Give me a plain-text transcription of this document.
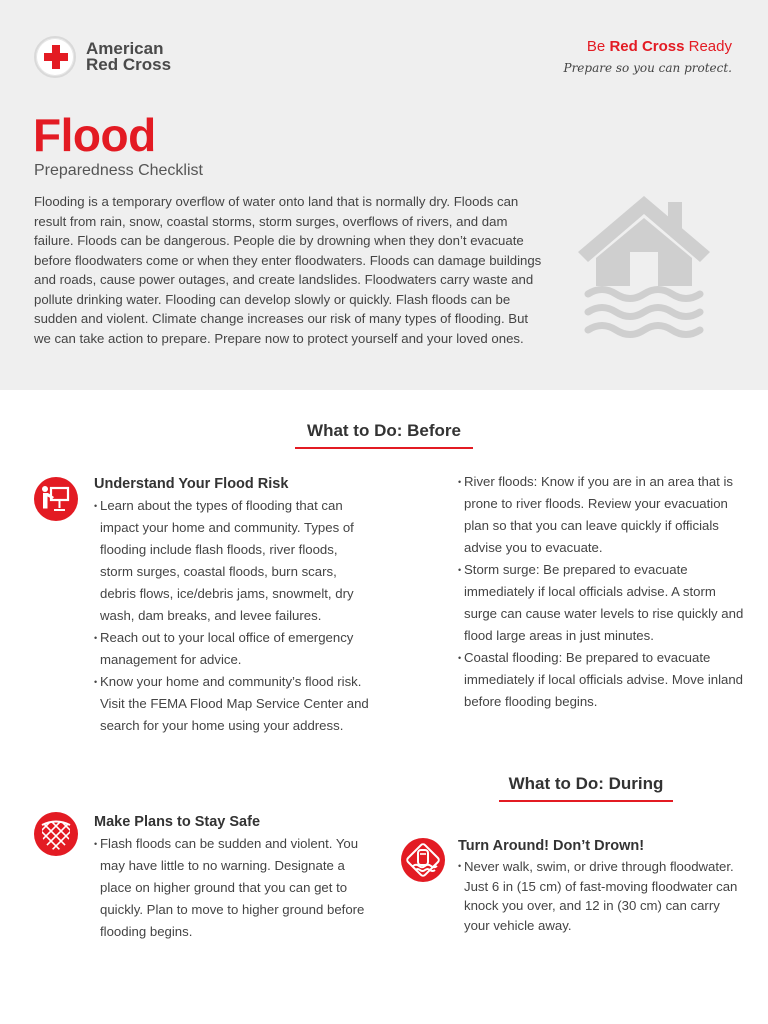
American
Red Cross
Be Red Cross Ready
Prepare so you can protect.
Flood
Preparedness Checklist
Flooding is a temporary overflow of water onto land that is normally dry. Floods can result from rain, snow, coastal storms, storm surges, overflows of rivers, and dam failure. Floods can be dangerous. People die by drowning when they don’t evacuate before floodwaters come or when they enter floodwaters. Floods can damage buildings and roads, cause power outages, and create landslides. Floodwaters carry waste and pollute drinking water. Flooding can develop slowly or quickly. Flash floods can be sudden and violent. Climate change increases our risk of many types of flooding. But we can take action to prepare. Prepare now to protect yourself and your loved ones.
What to Do: Before
Understand Your Flood Risk
• Learn about the types of flooding that can impact your home and community. Types of flooding include flash floods, river floods, storm surges, coastal floods, burn scars, debris flows, ice/debris jams, snowmelt, dry wash, dam breaks, and levee failures.
• Reach out to your local office of emergency management for advice.
• Know your home and community’s flood risk. Visit the FEMA Flood Map Service Center and search for your home using your address.
• River floods: Know if you are in an area that is prone to river floods. Review your evacuation plan so that you can leave quickly if officials advise you to evacuate.
• Storm surge: Be prepared to evacuate immediately if local officials advise. A storm surge can cause water levels to rise quickly and flood large areas in just minutes.
• Coastal flooding: Be prepared to evacuate immediately if local officials advise. Move inland before flooding begins.
Make Plans to Stay Safe
• Flash floods can be sudden and violent. You may have little to no warning. Designate a place on higher ground that you can get to quickly. Plan to move to higher ground before flooding begins.
What to Do: During
Turn Around! Don’t Drown!
• Never walk, swim, or drive through floodwater. Just 6 in (15 cm) of fast-moving floodwater can knock you over, and 12 in (30 cm) can carry your vehicle away.
